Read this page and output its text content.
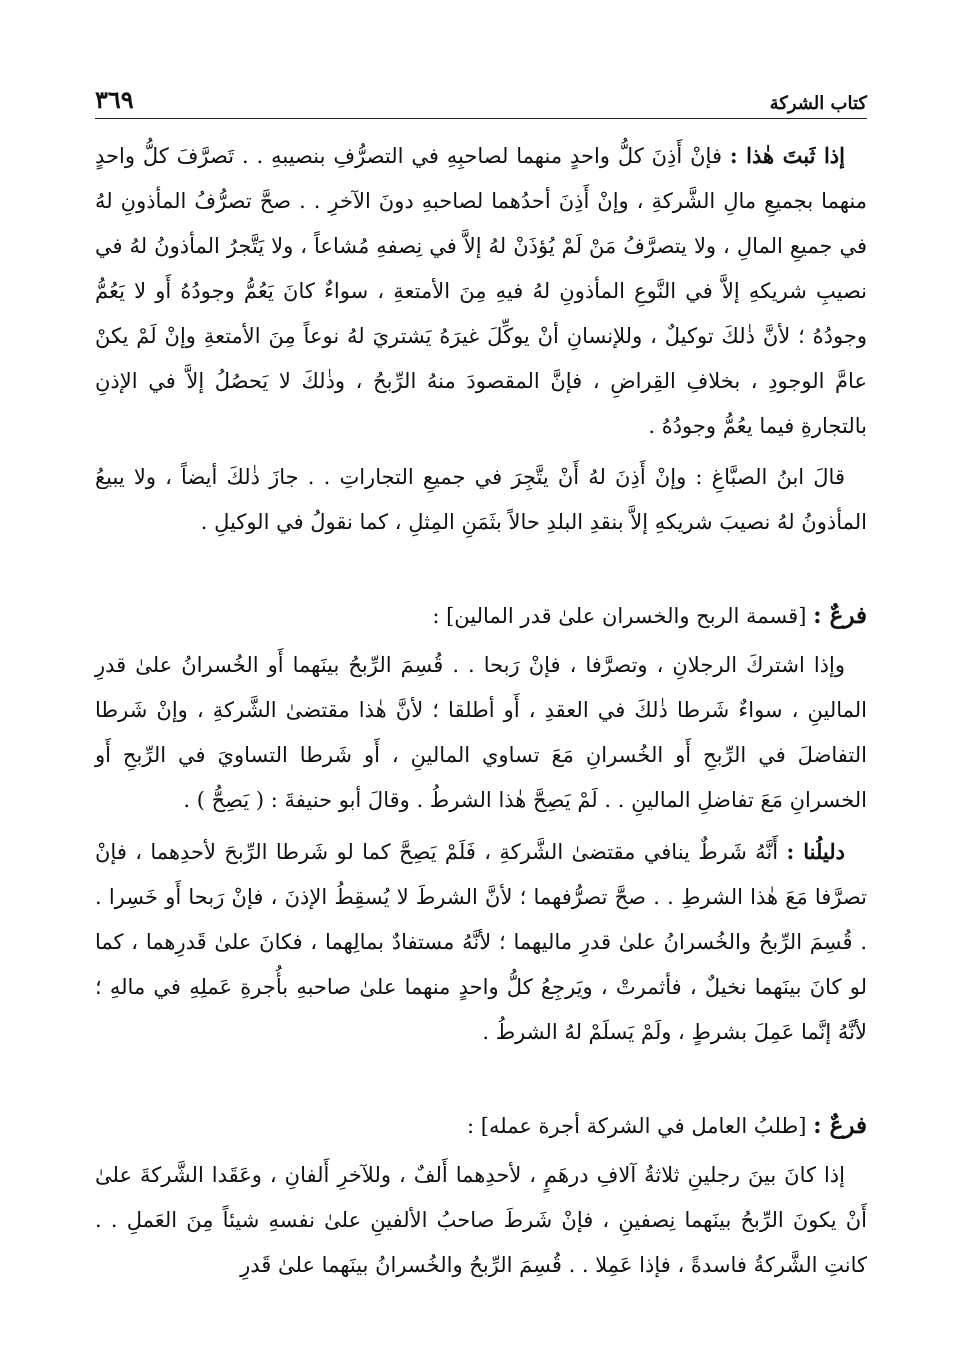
كتاب الشركة
٣٦٩

إذا ثَبتَ هٰذا : فإنْ أَذِنَ كلُّ واحدٍ منهما لصاحبِهِ في التصرُّفِ بنصيبهِ . . تَصرَّفَ كلُّ واحدٍ منهما بجميعِ مالِ الشَّركةِ ، وإنْ أَذِنَ أحدُهما لصاحبهِ دونَ الآخرِ . . صحَّ تصرُّفُ المأذونِ لهُ في جميعِ المالِ ، ولا يتصرَّفُ مَنْ لَمْ يُؤذَنْ لهُ إلاَّ في نِصفهِ مُشاعاً ، ولا يَتَّجرُ المأذونُ لهُ في نصيبِ شريكهِ إلاَّ في النَّوعِ المأذونِ لهُ فيهِ مِنَ الأمتعةِ ، سواءٌ كانَ يَعُمُّ وجودُهُ أَو لا يَعُمُّ وجودُهُ ؛ لأنَّ ذٰلكَ توكيلٌ ، وللإنسانِ أنْ يوكِّلَ غيرَهُ يَشتريَ لهُ نوعاً مِنَ الأمتعةِ وإنْ لَمْ يكنْ عامَّ الوجودِ ، بخلافِ القِراضِ ، فإنَّ المقصودَ منهُ الرِّبحُ ، وذٰلكَ لا يَحصُلُ إلاَّ في الإذنِ بالتجارةِ فيما يعُمُّ وجودُهُ .

قالَ ابنُ الصبَّاغِ : وإنْ أَذِنَ لهُ أَنْ يتَّجِرَ في جميعِ التجاراتِ . . جازَ ذٰلكَ أيضاً ، ولا يبيعُ المأذونُ لهُ نصيبَ شريكهِ إلاَّ بنقدِ البلدِ حالاً بثَمَنِ المِثلِ ، كما نقولُ في الوكيلِ .

فرعٌ : [قسمة الربح والخسران علىٰ قدر المالين] :

وإذا اشتركَ الرجلانِ ، وتصرَّفا ، فإنْ رَبحا . . قُسِمَ الرِّبحُ بينَهما أَو الخُسرانُ علىٰ قدرِ المالينِ ، سواءٌ شَرطا ذٰلكَ في العقدِ ، أَو أطلقا ؛ لأنَّ هٰذا مقتضىٰ الشَّركةِ ، وإنْ شَرطا التفاضلَ في الرِّبحِ أَو الخُسرانِ مَعَ تساوي المالينِ ، أَو شَرطا التساويَ في الرِّبحِ أَو الخسرانِ مَعَ تفاضلِ المالينِ . . لَمْ يَصِحَّ هٰذا الشرطُ . وقالَ أبو حنيفةَ : ( يَصِحُّ ) .

دليلُنا : أَنَّهُ شَرطٌ ينافي مقتضىٰ الشَّركةِ ، فَلَمْ يَصِحَّ كما لو شَرطا الرِّبحَ لأحدِهما ، فإنْ تصرَّفا مَعَ هٰذا الشرطِ . . صحَّ تصرُّفهما ؛ لأنَّ الشرطَ لا يُسقِطُ الإذنَ ، فإنْ رَبحا أَو خَسِرا . . قُسِمَ الرِّبحُ والخُسرانُ علىٰ قدرِ ماليهما ؛ لأنَّهُ مستفادٌ بمالِهما ، فكانَ علىٰ قَدرِهما ، كما لو كانَ بينَهما نخيلٌ ، فأثمرتْ ، ويَرجِعُ كلُّ واحدٍ منهما علىٰ صاحبهِ بأُجرةِ عَملِهِ في مالهِ ؛ لأنَّهُ إنَّما عَمِلَ بشرطٍ ، ولَمْ يَسلَمْ لهُ الشرطُ .

فرعٌ : [طلبُ العامل في الشركة أجرة عمله] :

إذا كانَ بينَ رجلينِ ثلاثةُ آلافِ درهَمٍ ، لأحدِهما أَلفٌ ، وللآخرِ أَلفانِ ، وعَقَدا الشَّركةَ علىٰ أَنْ يكونَ الرِّبحُ بينَهما نِصفينِ ، فإنْ شَرطَ صاحبُ الألفينِ علىٰ نفسهِ شيئاً مِنَ العَملِ . . كانتِ الشَّركةُ فاسدةً ، فإذا عَمِلا . . قُسِمَ الرِّبحُ والخُسرانُ بينَهما علىٰ قَدرِ
